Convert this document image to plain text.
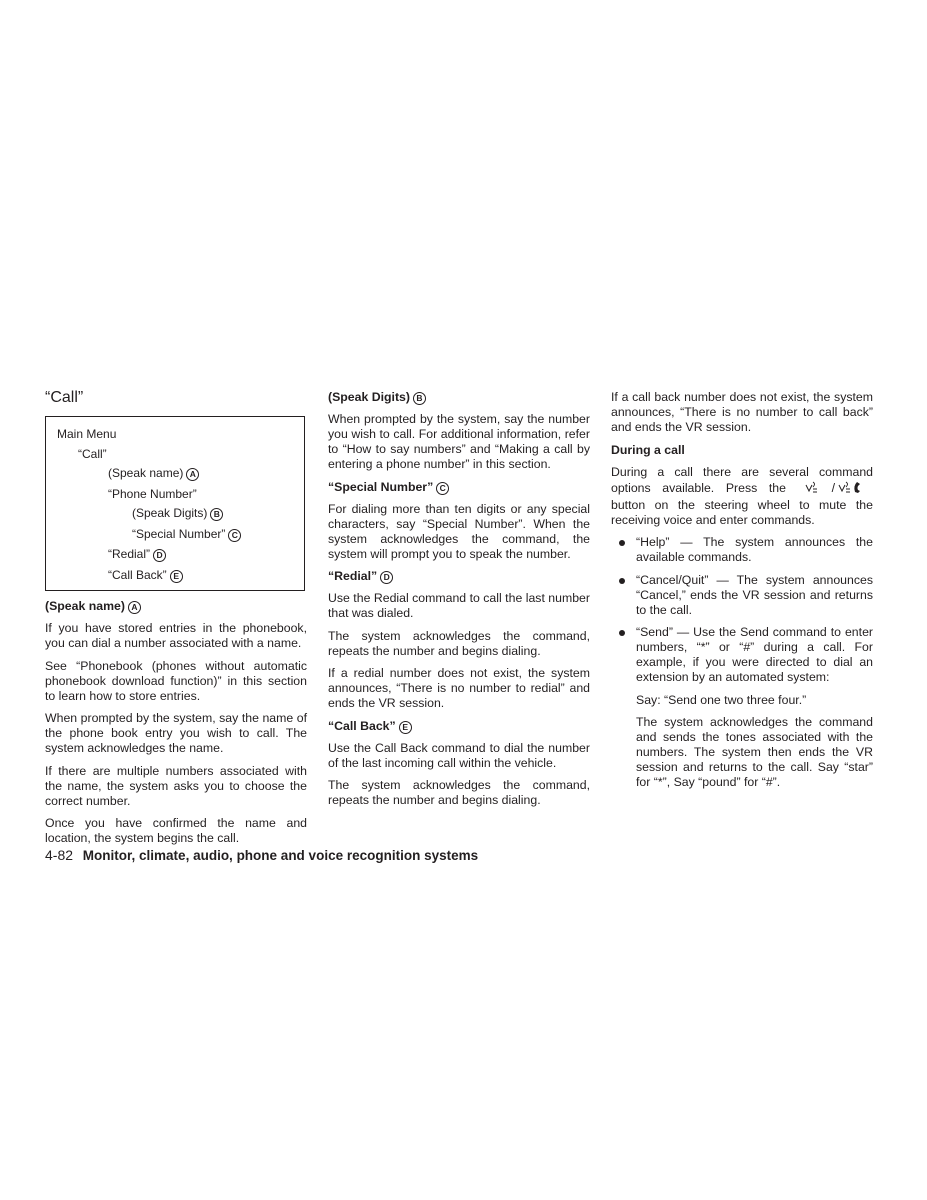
“Call”
Main Menu
“Call”
(Speak name) A
“Phone Number”
(Speak Digits) B
“Special Number” C
“Redial” D
“Call Back” E
(Speak name) A

If you have stored entries in the phonebook, you can dial a number associated with a name.

See “Phonebook (phones without automatic phonebook download function)” in this section to learn how to store entries.

When prompted by the system, say the name of the phone book entry you wish to call. The system acknowledges the name.

If there are multiple numbers associated with the name, the system asks you to choose the correct number.

Once you have confirmed the name and location, the system begins the call.

(Speak Digits) B

When prompted by the system, say the number you wish to call. For additional information, refer to “How to say numbers” and “Making a call by entering a phone number” in this section.

“Special Number” C

For dialing more than ten digits or any special characters, say “Special Number”. When the system acknowledges the command, the system will prompt you to speak the number.

“Redial” D

Use the Redial command to call the last number that was dialed.

The system acknowledges the command, repeats the number and begins dialing.

If a redial number does not exist, the system announces, “There is no number to redial” and ends the VR session.

“Call Back” E

Use the Call Back command to dial the number of the last incoming call within the vehicle.

The system acknowledges the command, repeats the number and begins dialing.

If a call back number does not exist, the system announces, “There is no number to call back” and ends the VR session.

During a call

During a call there are several command options available. Press the	/ button on the steering wheel to mute the receiving voice and enter commands.

“Help” — The system announces the available commands.
“Cancel/Quit” — The system announces “Cancel,” ends the VR session and returns to the call.
“Send” — Use the Send command to enter numbers, “*” or “#” during a call. For example, if you were directed to dial an extension by an automated system:

Say: “Send one two three four.”

The system acknowledges the command and sends the tones associated with the numbers. The system then ends the VR session and returns to the call. Say “star” for “*”, Say “pound” for “#”.

4-82 Monitor, climate, audio, phone and voice recognition systems
